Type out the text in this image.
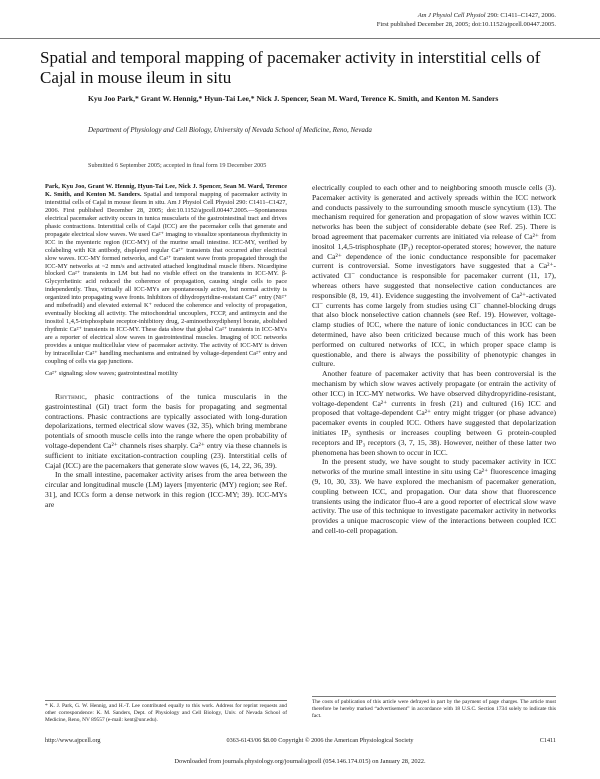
Am J Physiol Cell Physiol 290: C1411–C1427, 2006.
First published December 28, 2005; doi:10.1152/ajpcell.00447.2005.
Spatial and temporal mapping of pacemaker activity in interstitial cells of Cajal in mouse ileum in situ
Kyu Joo Park,* Grant W. Hennig,* Hyun-Tai Lee,* Nick J. Spencer, Sean M. Ward, Terence K. Smith, and Kenton M. Sanders
Department of Physiology and Cell Biology, University of Nevada School of Medicine, Reno, Nevada
Submitted 6 September 2005; accepted in final form 19 December 2005
Park, Kyu Joo, Grant W. Hennig, Hyun-Tai Lee, Nick J. Spencer, Sean M. Ward, Terence K. Smith, and Kenton M. Sanders. Spatial and temporal mapping of pacemaker activity in interstitial cells of Cajal in mouse ileum in situ. Am J Physiol Cell Physiol 290: C1411–C1427, 2006. First published December 28, 2005; doi:10.1152/ajpcell.00447.2005.—Spontaneous electrical pacemaker activity occurs in tunica muscularis of the gastrointestinal tract and drives phasic contractions. Interstitial cells of Cajal (ICC) are the pacemaker cells that generate and propagate electrical slow waves. We used Ca²⁺ imaging to visualize spontaneous rhythmicity in ICC in the myenteric region (ICC-MY) of the murine small intestine. ICC-MY, verified by colabeling with Kit antibody, displayed regular Ca²⁺ transients that occurred after electrical slow waves. ICC-MY formed networks, and Ca²⁺ transient wave fronts propagated through the ICC-MY networks at ~2 mm/s and activated attached longitudinal muscle fibers. Nicardipine blocked Ca²⁺ transients in LM but had no visible effect on the transients in ICC-MY. β-Glycyrrhetinic acid reduced the coherence of propagation, causing single cells to pace independently. Thus, virtually all ICC-MYs are spontaneously active, but normal activity is organized into propagating wave fronts. Inhibitors of dihydropyridine-resistant Ca²⁺ entry (Ni²⁺ and mibefradil) and elevated external K⁺ reduced the coherence and velocity of propagation, eventually blocking all activity. The mitochondrial uncouplers, FCCP, and antimycin and the inositol 1,4,5-trisphosphate receptor-inhibitory drug, 2-aminoethoxydiphenyl borate, abolished rhythmic Ca²⁺ transients in ICC-MY. These data show that global Ca²⁺ transients in ICC-MYs are a reporter of electrical slow waves in gastrointestinal muscles. Imaging of ICC networks provides a unique multicellular view of pacemaker activity. The activity of ICC-MY is driven by intracellular Ca²⁺ handling mechanisms and entrained by voltage-dependent Ca²⁺ entry and coupling of cells via gap junctions.
Ca²⁺ signaling; slow waves; gastrointestinal motility

Rhythmic, phasic contractions of the tunica muscularis in the gastrointestinal (GI) tract form the basis for propagating and segmental contractions. Phasic contractions are typically associated with long-duration depolarizations, termed electrical slow waves (32, 35), which bring membrane potentials of smooth muscle cells into the range where the open probability of voltage-dependent Ca²⁺ channels rises sharply. Ca²⁺ entry via these channels is sufficient to initiate excitation-contraction coupling (23). Interstitial cells of Cajal (ICC) are the pacemakers that generate slow waves (6, 14, 22, 36, 39).

In the small intestine, pacemaker activity arises from the area between the circular and longitudinal muscle (LM) layers [myenteric (MY) region; see Ref. 31], and ICCs form a dense network in this region (ICC-MY; 39). ICC-MYs are

electrically coupled to each other and to neighboring smooth muscle cells (3). Pacemaker activity is generated and actively spreads within the ICC network and conducts passively to the surrounding smooth muscle syncytium (13). The mechanism required for generation and propagation of slow waves within ICC networks has been the subject of considerable debate (see Ref. 25). There is broad agreement that pacemaker currents are initiated via release of Ca²⁺ from inositol 1,4,5-trisphosphate (IP₃) receptor-operated stores; however, the nature and Ca²⁺ dependence of the ionic conductance responsible for pacemaker current is controversial. Some investigators have suggested that a Ca²⁺-activated Cl⁻ conductance is responsible for pacemaker current (11, 17), whereas others have suggested that nonselective cation conductances are responsible (8, 19, 41). Evidence suggesting the involvement of Ca²⁺-activated Cl⁻ currents has come largely from studies using Cl⁻ channel-blocking drugs that also block nonselective cation channels (see Ref. 19). However, voltage-clamp studies of ICC, where the nature of ionic conductances in ICC can be determined, have also been criticized because much of this work has been performed on cultured networks of ICC, in which proper space clamp is questionable, and there is always the possibility of phenotypic changes in culture.

Another feature of pacemaker activity that has been controversial is the mechanism by which slow waves actively propagate (or entrain the activity of other ICC) in ICC-MY networks. We have observed dihydropyridine-resistant, voltage-dependent Ca²⁺ currents in fresh (21) and cultured (16) ICC and proposed that voltage-dependent Ca²⁺ entry might trigger (or phase advance) pacemaker events in coupled ICC. Others have suggested that depolarization initiates IP₃ synthesis or increases coupling between G protein-coupled receptors and IP₃ receptors (3, 7, 15, 38). However, neither of these latter two phenomena has been shown to occur in ICC.

In the present study, we have sought to study pacemaker activity in ICC networks of the murine small intestine in situ using Ca²⁺ fluorescence imaging (9, 10, 30, 33). We have explored the mechanism of pacemaker generation, coupling between ICC, and propagation. Our data show that fluorescence transients using the indicator fluo-4 are a good reporter of electrical slow wave activity. The use of this technique to investigate pacemaker activity in networks provides a unique macroscopic view of the interactions between coupled ICC and cell-to-cell propagation.

* K. J. Park, G. W. Hennig, and H.-T. Lee contributed equally to this work. Address for reprint requests and other correspondence: K. M. Sanders, Dept. of Physiology and Cell Biology, Univ. of Nevada School of Medicine, Reno, NV 89557 (e-mail: kent@unr.edu).
The costs of publication of this article were defrayed in part by the payment of page charges. The article must therefore be hereby marked “advertisement” in accordance with 18 U.S.C. Section 1734 solely to indicate this fact.
http://www.ajpcell.org	0363-6143/06 $8.00 Copyright © 2006 the American Physiological Society	C1411
Downloaded from journals.physiology.org/journal/ajpcell (054.146.174.015) on January 28, 2022.
